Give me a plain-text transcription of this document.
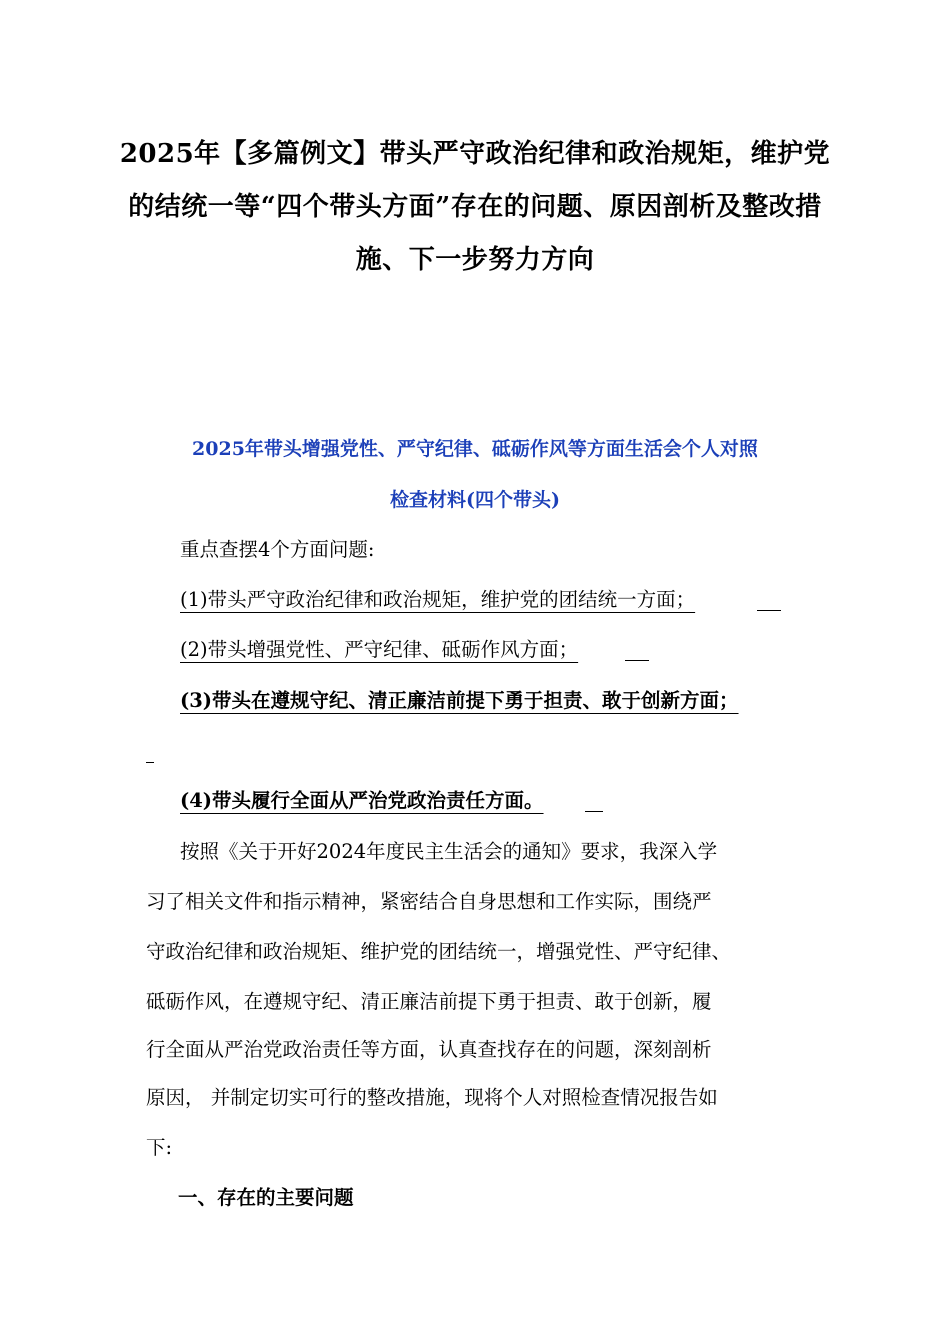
2025年【多篇例文】带头严守政治纪律和政治规矩，维护党的结统一等“四个带头方面”存在的问题、原因剖析及整改措施、下一步努力方向

2025年带头增强党性、严守纪律、砥砺作风等方面生活会个人对照

检查材料(四个带头)

重点查摆4个方面问题:

(1)带头严守政治纪律和政治规矩，维护党的团结统一方面；

(2)带头增强党性、严守纪律、砥砺作风方面；

(3)带头在遵规守纪、清正廉洁前提下勇于担责、敢于创新方面；

(4)带头履行全面从严治党政治责任方面。

按照《关于开好2024年度民主生活会的通知》要求，我深入学

习了相关文件和指示精神，紧密结合自身思想和工作实际，围绕严

守政治纪律和政治规矩、维护党的团结统一，增强党性、严守纪律、

砥砺作风，在遵规守纪、清正廉洁前提下勇于担责、敢于创新，履

行全面从严治党政治责任等方面，认真查找存在的问题，深刻剖析

原因， 并制定切实可行的整改措施，现将个人对照检查情况报告如

下:

一、存在的主要问题
